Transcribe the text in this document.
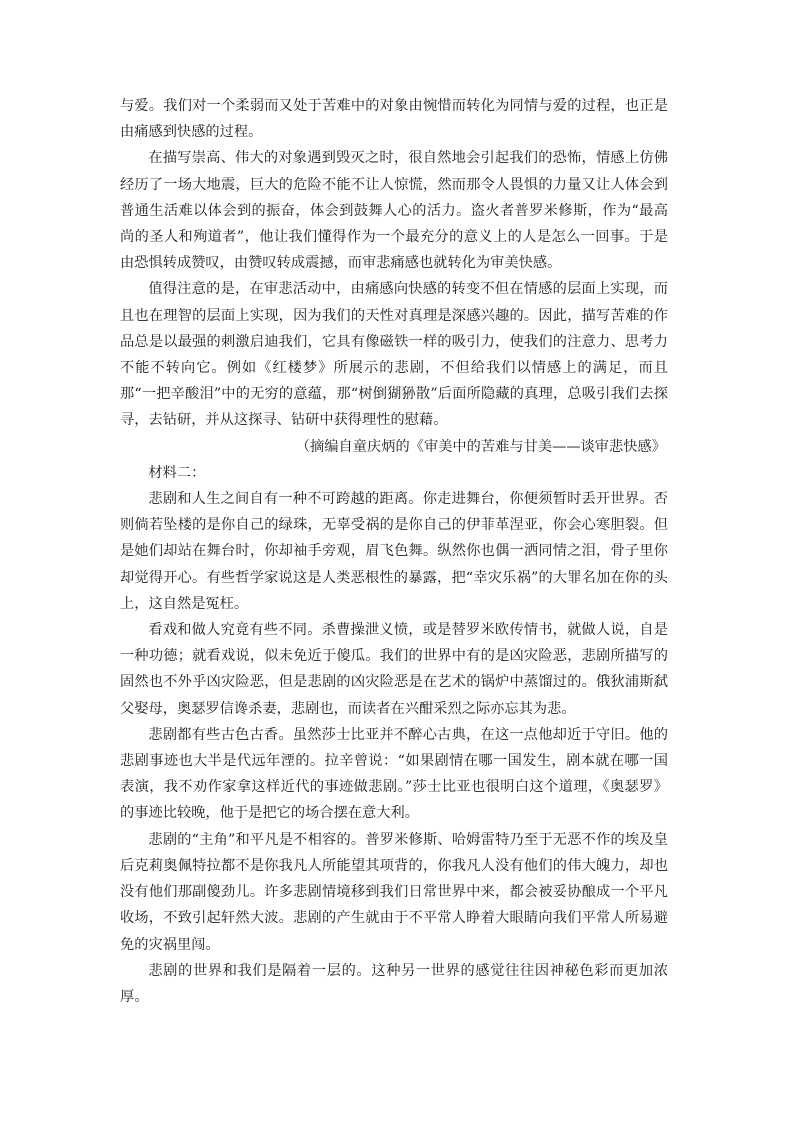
与爱。我们对一个柔弱而又处于苦难中的对象由惋惜而转化为同情与爱的过程，也正是由痛感到快感的过程。

在描写崇高、伟大的对象遇到毁灭之时，很自然地会引起我们的恐怖，情感上仿佛经历了一场大地震，巨大的危险不能不让人惊慌，然而那令人畏惧的力量又让人体会到普通生活难以体会到的振奋，体会到鼓舞人心的活力。盗火者普罗米修斯，作为“最高尚的圣人和殉道者”，他让我们懂得作为一个最充分的意义上的人是怎么一回事。于是由恐惧转成赞叹，由赞叹转成震撼，而审悲痛感也就转化为审美快感。

值得注意的是，在审悲活动中，由痛感向快感的转变不但在情感的层面上实现，而且也在理智的层面上实现，因为我们的天性对真理是深感兴趣的。因此，描写苦难的作品总是以最强的刺激启迪我们，它具有像磁铁一样的吸引力，使我们的注意力、思考力不能不转向它。例如《红楼梦》所展示的悲剧，不但给我们以情感上的满足，而且那“一把辛酸泪”中的无穷的意蕴，那“树倒猢狲散”后面所隐藏的真理，总吸引我们去探寻，去钻研，并从这探寻、钻研中获得理性的慰藉。

（摘编自童庆炳的《审美中的苦难与甘美——谈审悲快感》

材料二：

悲剧和人生之间自有一种不可跨越的距离。你走进舞台，你便须暂时丢开世界。否则倘若坠楼的是你自己的绿珠，无辜受祸的是你自己的伊菲革涅亚，你会心寒胆裂。但是她们却站在舞台时，你却袖手旁观，眉飞色舞。纵然你也偶一洒同情之泪，骨子里你却觉得开心。有些哲学家说这是人类恶根性的暴露，把“幸灾乐祸”的大罪名加在你的头上，这自然是冤枉。

看戏和做人究竟有些不同。杀曹操泄义愤，或是替罗米欧传情书，就做人说，自是一种功德；就看戏说，似未免近于傻瓜。我们的世界中有的是凶灾险恶，悲剧所描写的固然也不外乎凶灾险恶，但是悲剧的凶灾险恶是在艺术的锅炉中蒸馏过的。俄狄浦斯弑父娶母，奥瑟罗信谗杀妻，悲剧也，而读者在兴酣采烈之际亦忘其为悲。

悲剧都有些古色古香。虽然莎士比亚并不醉心古典，在这一点他却近于守旧。他的悲剧事迹也大半是代远年湮的。拉辛曾说：“如果剧情在哪一国发生，剧本就在哪一国表演，我不劝作家拿这样近代的事迹做悲剧。”莎士比亚也很明白这个道理，《奥瑟罗》的事迹比较晚，他于是把它的场合摆在意大利。

悲剧的“主角”和平凡是不相容的。普罗米修斯、哈姆雷特乃至于无恶不作的埃及皇后克莉奥佩特拉都不是你我凡人所能望其项背的，你我凡人没有他们的伟大魄力，却也没有他们那副傻劲儿。许多悲剧情境移到我们日常世界中来，都会被妥协酿成一个平凡收场，不致引起轩然大波。悲剧的产生就由于不平常人睁着大眼睛向我们平常人所易避免的灾祸里闯。

悲剧的世界和我们是隔着一层的。这种另一世界的感觉往往因神秘色彩而更加浓厚。
